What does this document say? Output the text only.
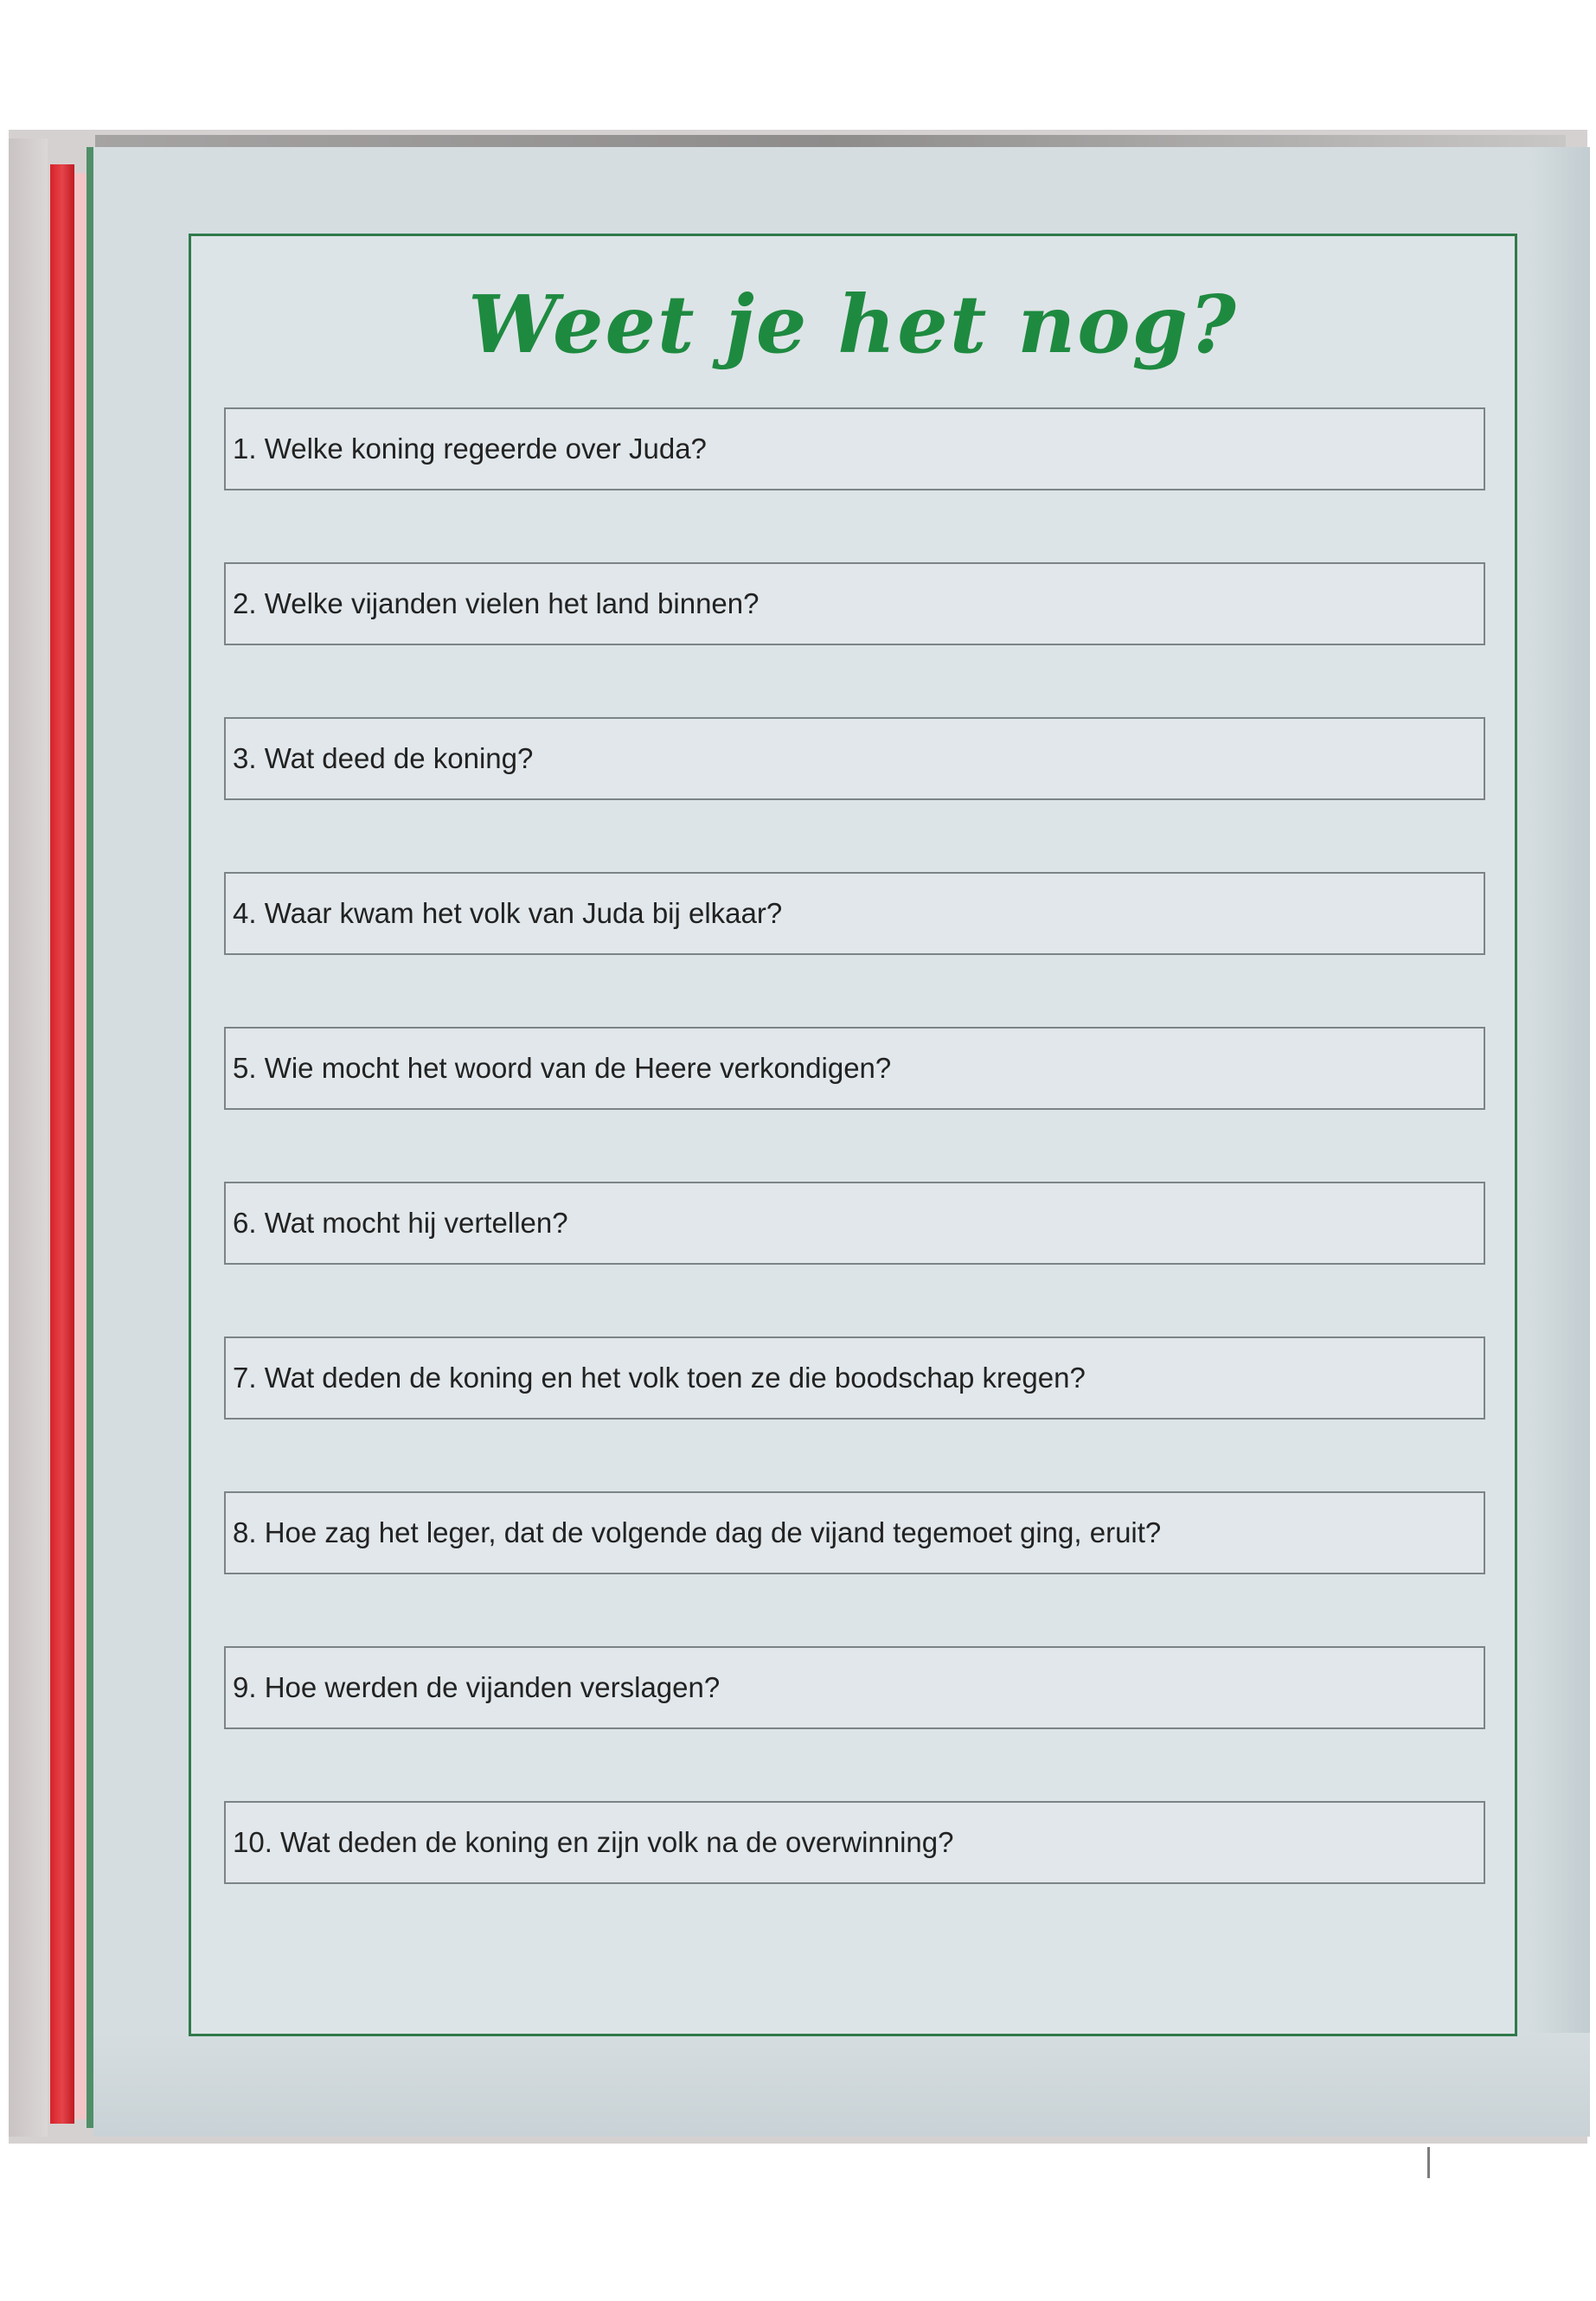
Weet je het nog?
1. Welke koning regeerde over Juda?
2. Welke vijanden vielen het land binnen?
3. Wat deed de koning?
4. Waar kwam het volk van Juda bij elkaar?
5. Wie mocht het woord van de Heere verkondigen?
6. Wat mocht hij vertellen?
7. Wat deden de koning en het volk toen ze die boodschap kregen?
8. Hoe zag het leger, dat de volgende dag de vijand tegemoet ging, eruit?
9. Hoe werden de vijanden verslagen?
10. Wat deden de koning en zijn volk na de overwinning?
